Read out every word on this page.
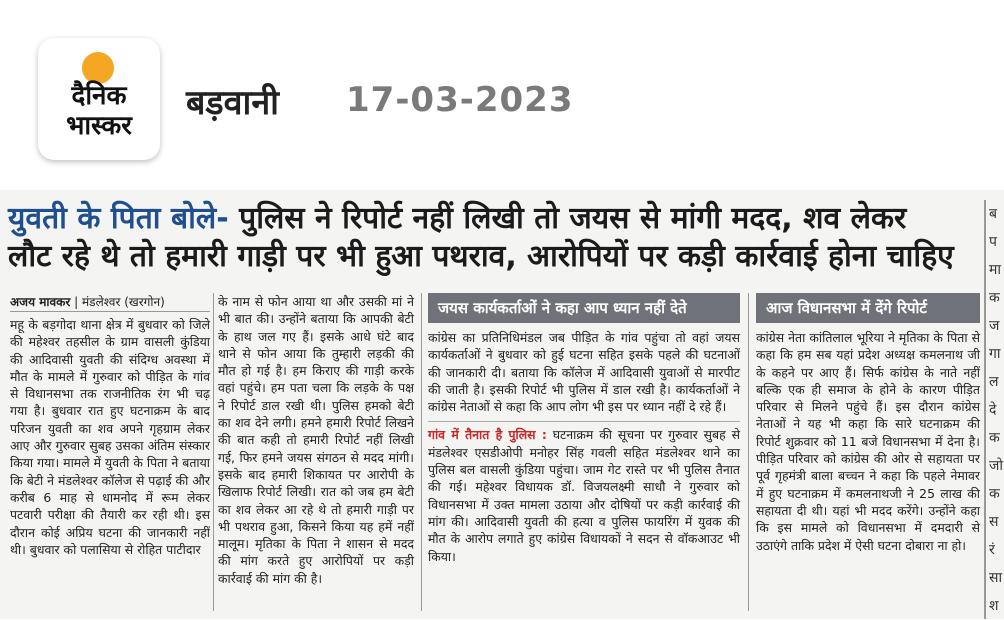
दैनिक
भास्कर
बड़वानी 17-03-2023
युवती के पिता बोले- पुलिस ने रिपोर्ट नहीं लिखी तो जयस से मांगी मदद, शव लेकर
लौट रहे थे तो हमारी गाड़ी पर भी हुआ पथराव, आरोपियों पर कड़ी कार्रवाई होना चाहिए
अजय मावकर | मंडलेश्वर (खरगोन)

महू के बड़गोदा थाना क्षेत्र में बुधवार को जिले की महेश्वर तहसील के ग्राम वासली कुंडिया की आदिवासी युवती की संदिग्ध अवस्था में मौत के मामले में गुरुवार को पीड़ित के गांव से विधानसभा तक राजनीतिक रंग भी चढ़ गया है। बुधवार रात हुए घटनाक्रम के बाद परिजन युवती का शव अपने गृहग्राम लेकर आए और गुरुवार सुबह उसका अंतिम संस्कार किया गया। मामले में युवती के पिता ने बताया कि बेटी ने मंडलेश्वर कॉलेज से पढ़ाई की और करीब 6 माह से धामनोद में रूम लेकर पटवारी परीक्षा की तैयारी कर रही थी। इस दौरान कोई अप्रिय घटना की जानकारी नहीं थी। बुधवार को पलासिया से रोहित पाटीदार

के नाम से फोन आया था और उसकी मां ने भी बात की। उन्होंने बताया कि आपकी बेटी के हाथ जल गए हैं। इसके आधे घंटे बाद थाने से फोन आया कि तुम्हारी लड़की की मौत हो गई है। हम किराए की गाड़ी करके वहां पहुंचे। हम पता चला कि लड़के के पक्ष ने रिपोर्ट डाल रखी थी। पुलिस हमको बेटी का शव देने लगी। हमने हमारी रिपोर्ट लिखने की बात कही तो हमारी रिपोर्ट नहीं लिखी गई, फिर हमने जयस संगठन से मदद मांगी। इसके बाद हमारी शिकायत पर आरोपी के खिलाफ रिपोर्ट लिखी। रात को जब हम बेटी का शव लेकर आ रहे थे तो हमारी गाड़ी पर भी पथराव हुआ, किसने किया यह हमें नहीं मालूम। मृतिका के पिता ने शासन से मदद की मांग करते हुए आरोपियों पर कड़ी कार्रवाई की मांग की है।

जयस कार्यकर्ताओं ने कहा आप ध्यान नहीं देते

कांग्रेस का प्रतिनिधिमंडल जब पीड़ित के गांव पहुंचा तो वहां जयस कार्यकर्ताओं ने बुधवार को हुई घटना सहित इसके पहले की घटनाओं की जानकारी दी। बताया कि कॉलेज में आदिवासी युवाओं से मारपीट की जाती है। इसकी रिपोर्ट भी पुलिस में डाल रखी है। कार्यकर्ताओं ने कांग्रेस नेताओं से कहा कि आप लोग भी इस पर ध्यान नहीं दे रहे हैं।

गांव में तैनात है पुलिस : घटनाक्रम की सूचना पर गुरुवार सुबह से मंडलेश्वर एसडीओपी मनोहर सिंह गवली सहित मंडलेश्वर थाने का पुलिस बल वासली कुंडिया पहुंचा। जाम गेट रास्ते पर भी पुलिस तैनात की गई। महेश्वर विधायक डॉ. विजयलक्ष्मी साधौ ने गुरुवार को विधानसभा में उक्त मामला उठाया और दोषियों पर कड़ी कार्रवाई की मांग की। आदिवासी युवती की हत्या व पुलिस फायरिंग में युवक की मौत के आरोप लगाते हुए कांग्रेस विधायकों ने सदन से वॉकआउट भी किया।

आज विधानसभा में देंगे रिपोर्ट

कांग्रेस नेता कांतिलाल भूरिया ने मृतिका के पिता से कहा कि हम सब यहां प्रदेश अध्यक्ष कमलनाथ जी के कहने पर आए हैं। सिर्फ कांग्रेस के नाते नहीं बल्कि एक ही समाज के होने के कारण पीड़ित परिवार से मिलने पहुंचे हैं। इस दौरान कांग्रेस नेताओं ने यह भी कहा कि सारे घटनाक्रम की रिपोर्ट शुक्रवार को 11 बजे विधानसभा में देना है। पीड़ित परिवार को कांग्रेस की ओर से सहायता पर पूर्व गृहमंत्री बाला बच्चन ने कहा कि पहले नेमावर में हुए घटनाक्रम में कमलनाथजी ने 25 लाख की सहायता दी थी। यहां भी मदद करेंगे। उन्होंने कहा कि इस मामले को विधानसभा में दमदारी से उठाएंगे ताकि प्रदेश में ऐसी घटना दोबारा ना हो।

ब
प
मा
क
ज
गा
ल
दे
क
जो
क
स
रं
सा
श
